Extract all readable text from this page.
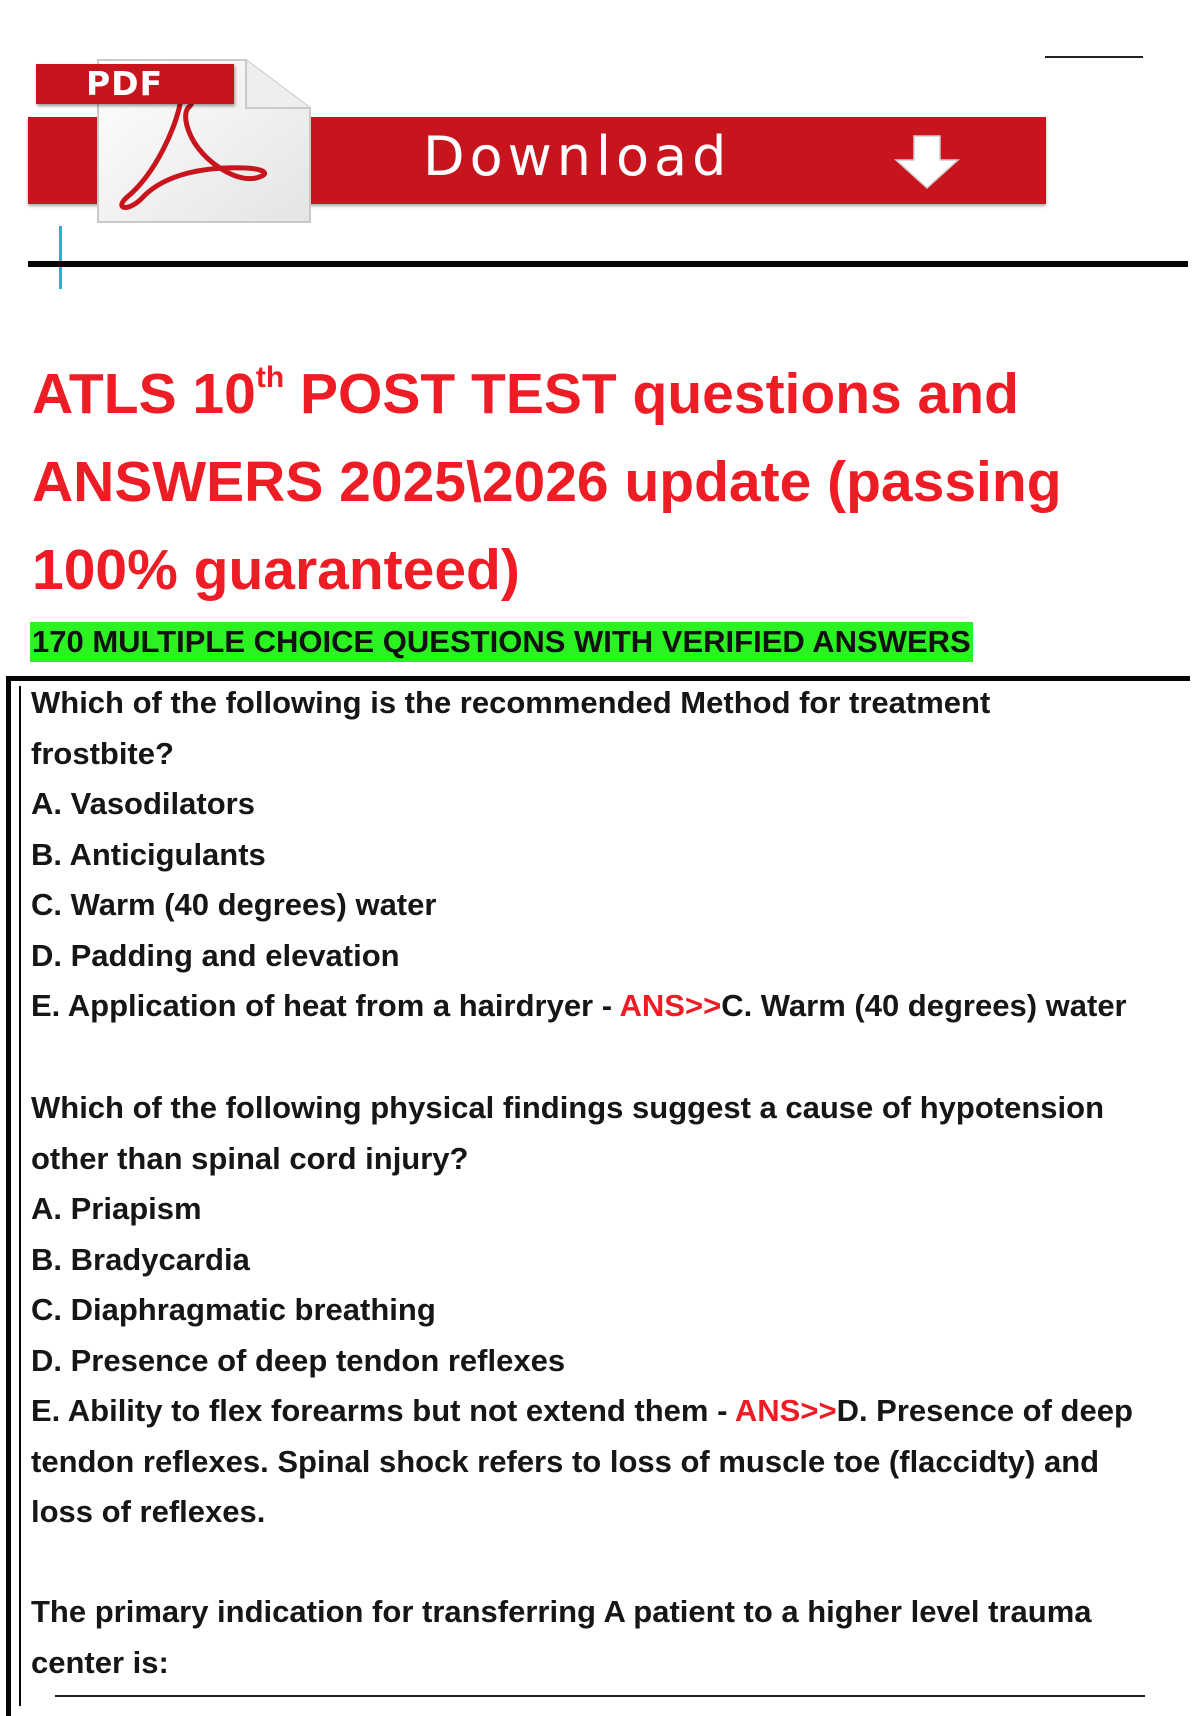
Download
PDF
ATLS 10th POST TEST questions and
ANSWERS 2025\2026 update (passing
100% guaranteed)
170 MULTIPLE CHOICE QUESTIONS WITH VERIFIED ANSWERS
Which of the following is the recommended Method for treatment
frostbite?
A. Vasodilators
B. Anticigulants
C. Warm (40 degrees) water
D. Padding and elevation
E. Application of heat from a hairdryer - ANS>>C. Warm (40 degrees) water
Which of the following physical findings suggest a cause of hypotension
other than spinal cord injury?
A. Priapism
B. Bradycardia
C. Diaphragmatic breathing
D. Presence of deep tendon reflexes
E. Ability to flex forearms but not extend them - ANS>>D. Presence of deep
tendon reflexes. Spinal shock refers to loss of muscle toe (flaccidty) and
loss of reflexes.
The primary indication for transferring A patient to a higher level trauma
center is:
